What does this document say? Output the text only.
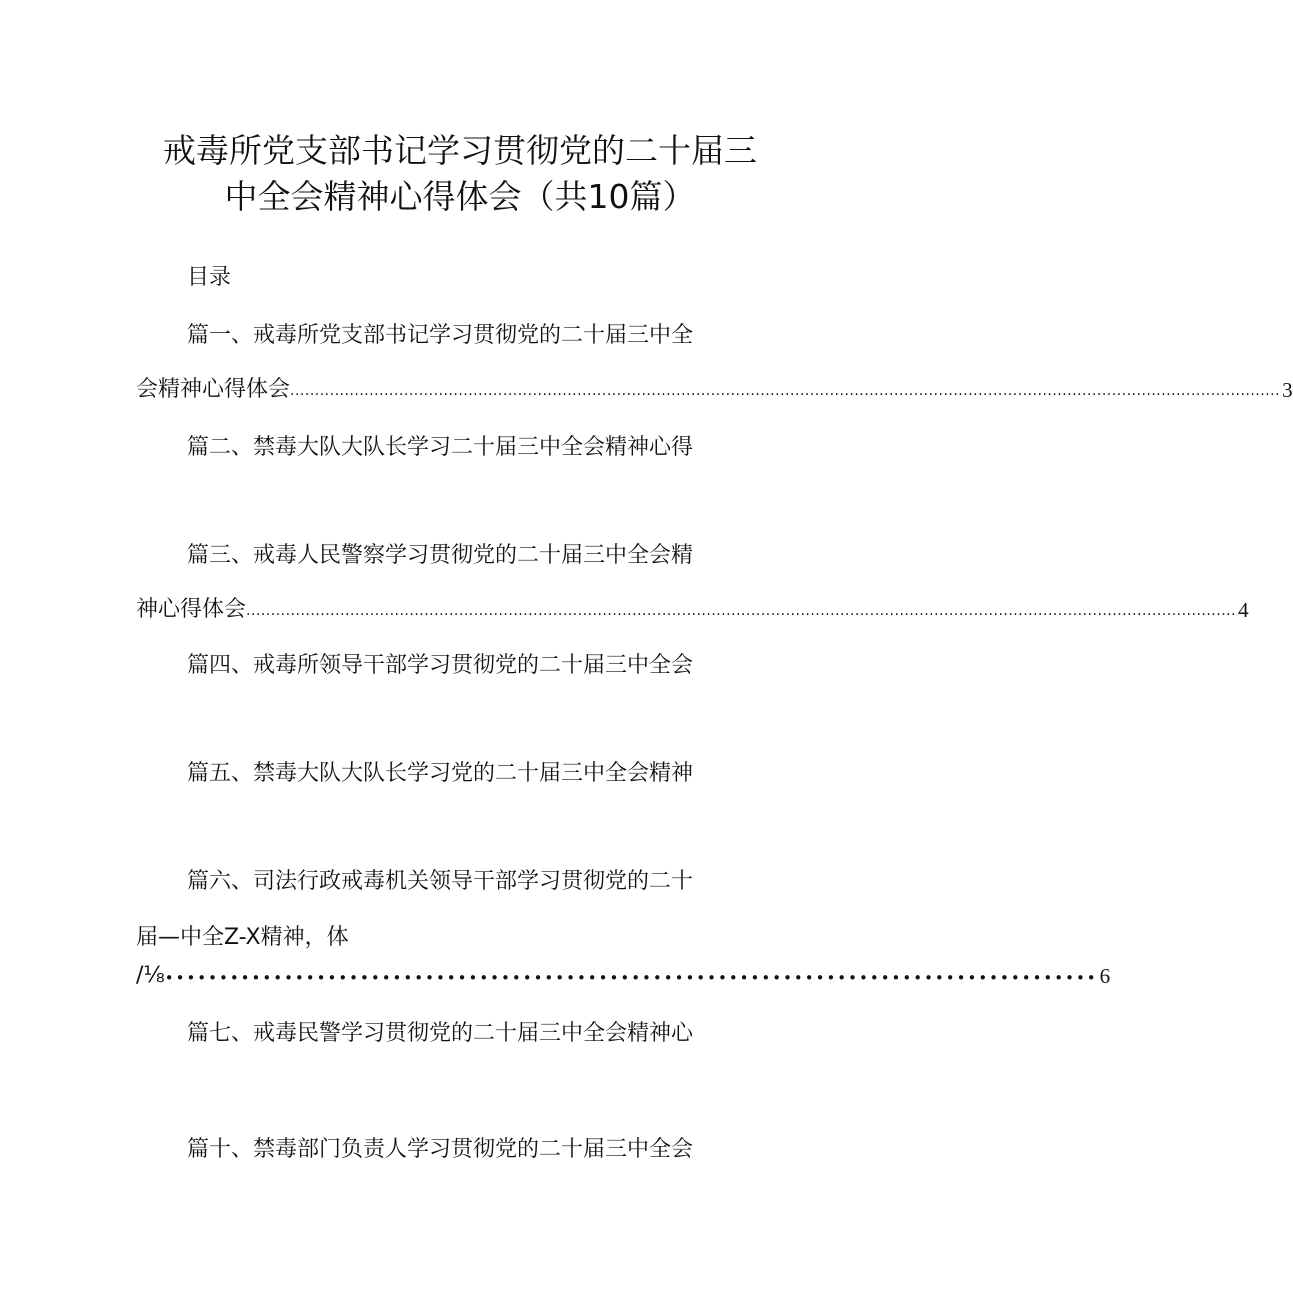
戒毒所党支部书记学习贯彻党的二十届三
中全会精神心得体会（共10篇）
目录
篇一、戒毒所党支部书记学习贯彻党的二十届三中全
会精神心得体会 ........................................................................................................................................................................................................ 3
篇二、禁毒大队大队长学习二十届三中全会精神心得
篇三、戒毒人民警察学习贯彻党的二十届三中全会精
神心得体会 ........................................................................................................................................................................................................ 4
篇四、戒毒所领导干部学习贯彻党的二十届三中全会
篇五、禁毒大队大队长学习党的二十届三中全会精神
篇六、司法行政戒毒机关领导干部学习贯彻党的二十
届—中全Z-X精神，体
/⅛ •••••••••••••••••••••••••••••••••••••••••••••••••••••••••••••••••••••••••••••••••••••• 6
篇七、戒毒民警学习贯彻党的二十届三中全会精神心
篇十、禁毒部门负责人学习贯彻党的二十届三中全会
